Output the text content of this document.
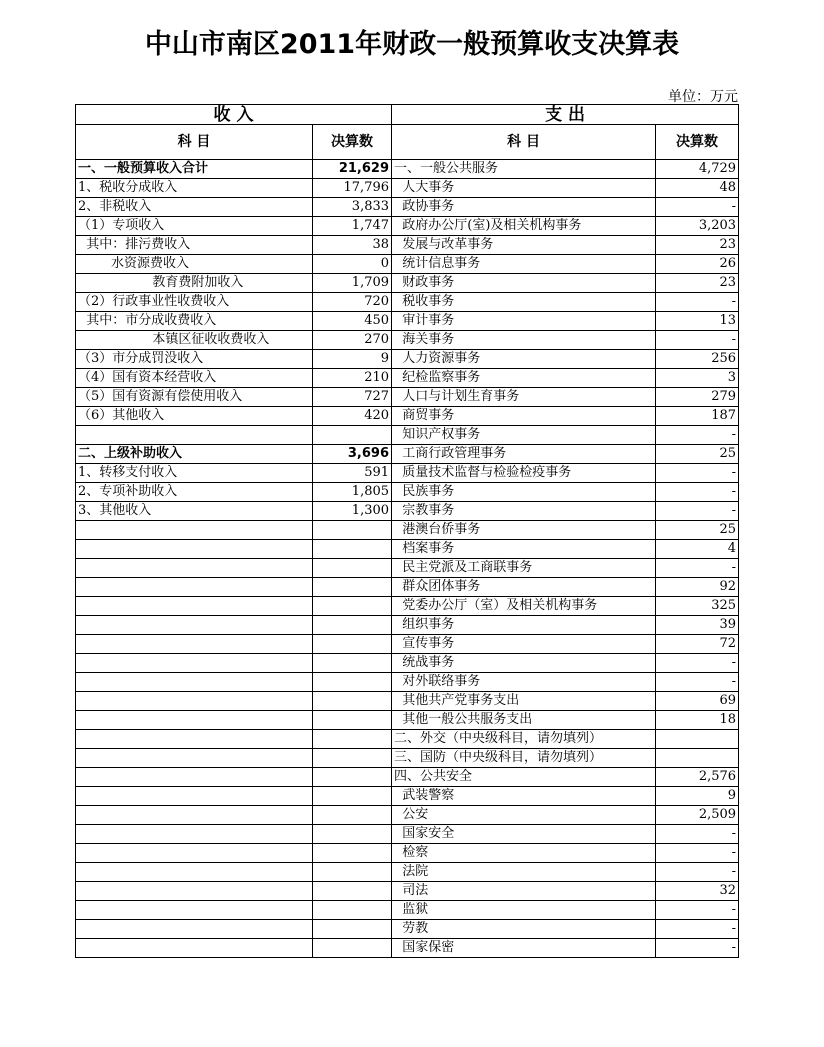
中山市南区2011年财政一般预算收支决算表
单位：万元
收 入		支 出	
科 目	决算数	科 目	决算数
一、一般预算收入合计	21,629	一、一般公共服务	4,729
1、税收分成收入	17,796	人大事务	48
2、非税收入	3,833	政协事务	-
（1）专项收入	1,747	政府办公厅(室)及相关机构事务	3,203
其中：排污费收入	38	发展与改革事务	23
水资源费收入	0	统计信息事务	26
教育费附加收入	1,709	财政事务	23
（2）行政事业性收费收入	720	税收事务	-
其中：市分成收费收入	450	审计事务	13
本镇区征收收费收入	270	海关事务	-
（3）市分成罚没收入	9	人力资源事务	256
（4）国有资本经营收入	210	纪检监察事务	3
（5）国有资源有偿使用收入	727	人口与计划生育事务	279
（6）其他收入	420	商贸事务	187
		知识产权事务	-
二、上级补助收入	3,696	工商行政管理事务	25
1、转移支付收入	591	质量技术监督与检验检疫事务	-
2、专项补助收入	1,805	民族事务	-
3、其他收入	1,300	宗教事务	-
		港澳台侨事务	25
		档案事务	4
		民主党派及工商联事务	-
		群众团体事务	92
		党委办公厅（室）及相关机构事务	325
		组织事务	39
		宣传事务	72
		统战事务	-
		对外联络事务	-
		其他共产党事务支出	69
		其他一般公共服务支出	18
		二、外交（中央级科目，请勿填列）	
		三、国防（中央级科目，请勿填列）	
		四、公共安全	2,576
		武装警察	9
		公安	2,509
		国家安全	-
		检察	-
		法院	-
		司法	32
		监狱	-
		劳教	-
		国家保密	-
